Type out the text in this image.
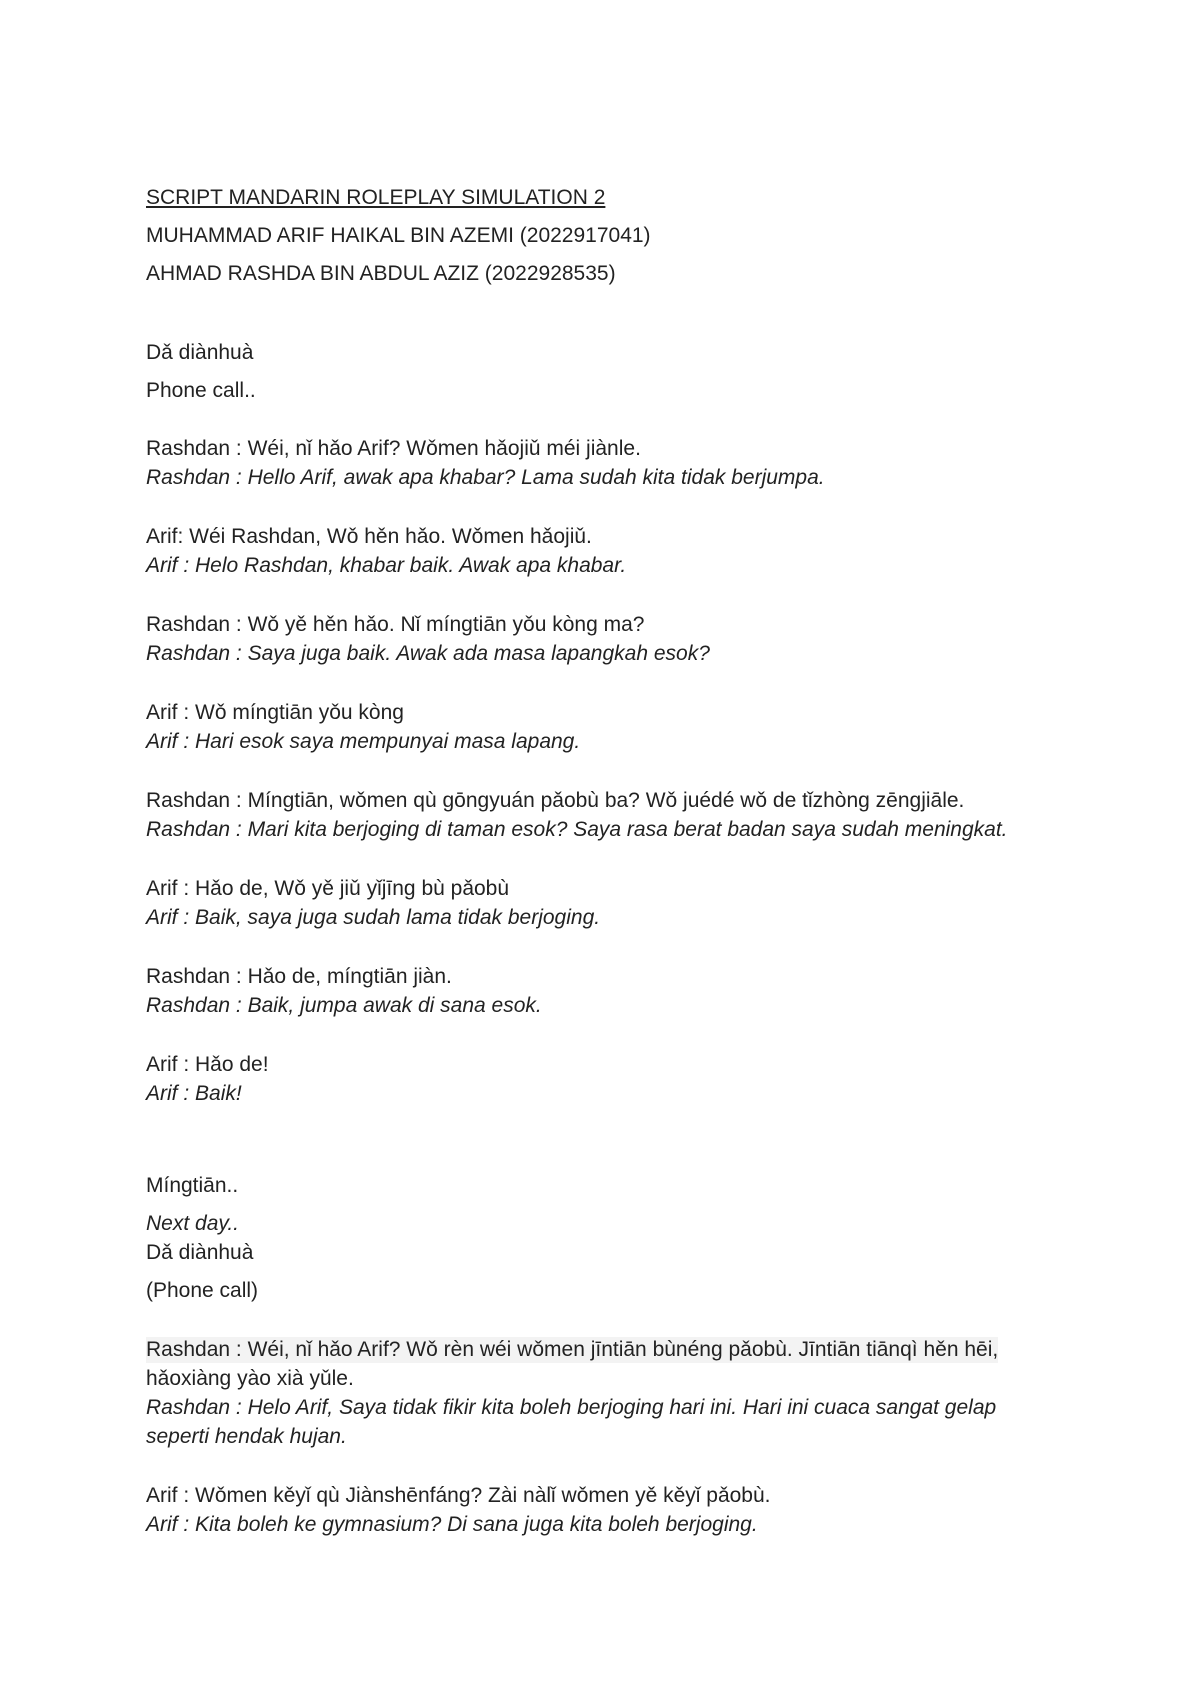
SCRIPT MANDARIN ROLEPLAY SIMULATION 2
MUHAMMAD ARIF HAIKAL BIN AZEMI (2022917041)
AHMAD RASHDA BIN ABDUL AZIZ (2022928535)
Dǎ diànhuà
Phone call..
Rashdan : Wéi, nǐ hǎo Arif? Wǒmen hǎojiǔ méi jiànle.
Rashdan : Hello Arif, awak apa khabar? Lama sudah kita tidak berjumpa.
Arif: Wéi Rashdan, Wǒ hěn hǎo. Wǒmen hǎojiǔ.
Arif : Helo Rashdan, khabar baik. Awak apa khabar.
Rashdan : Wǒ yě hěn hǎo. Nǐ míngtiān yǒu kòng ma?
Rashdan : Saya juga baik. Awak ada masa lapangkah esok?
Arif : Wǒ míngtiān yǒu kòng
Arif : Hari esok saya mempunyai masa lapang.
Rashdan : Míngtiān, wǒmen qù gōngyuán pǎobù ba? Wǒ juédé wǒ de tǐzhòng zēngjiāle.
Rashdan : Mari kita berjoging di taman esok? Saya rasa berat badan saya sudah meningkat.
Arif : Hǎo de, Wǒ yě jiǔ yǐjīng bù pǎobù
Arif : Baik, saya juga sudah lama tidak berjoging.
Rashdan : Hǎo de, míngtiān jiàn.
Rashdan : Baik, jumpa awak di sana esok.
Arif : Hǎo de!
Arif : Baik!
Míngtiān..
Next day..
Dǎ diànhuà
(Phone call)
Rashdan : Wéi, nǐ hǎo Arif? Wǒ rèn wéi wǒmen jīntiān bùnéng pǎobù. Jīntiān tiānqì hěn hēi,
hǎoxiàng yào xià yǔle.
Rashdan : Helo Arif, Saya tidak fikir kita boleh berjoging hari ini. Hari ini cuaca sangat gelap
seperti hendak hujan.
Arif : Wǒmen kěyǐ qù Jiànshēnfáng? Zài nàlǐ wǒmen yě kěyǐ pǎobù.
Arif : Kita boleh ke gymnasium? Di sana juga kita boleh berjoging.
